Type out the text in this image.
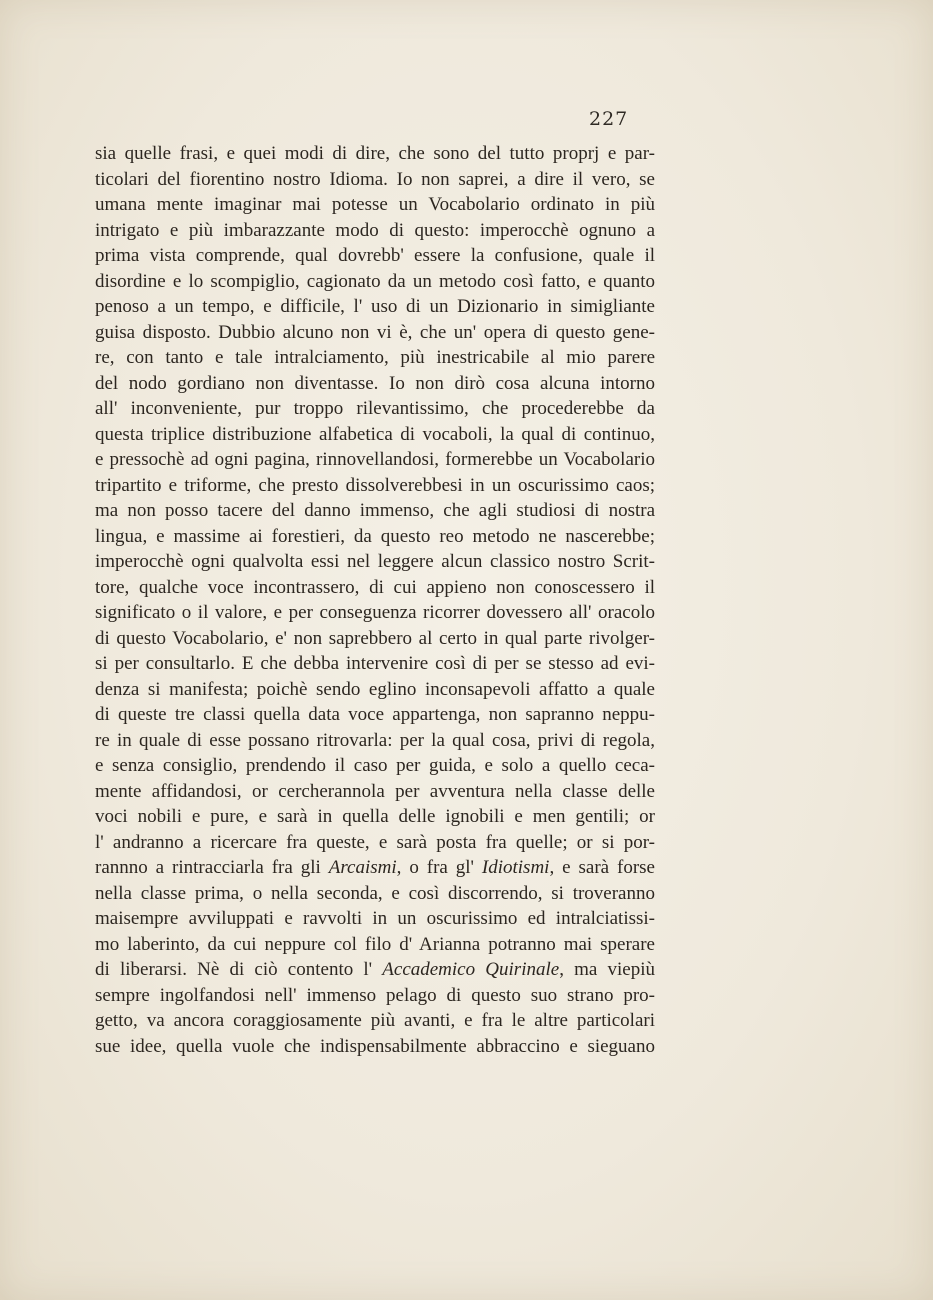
227
sia quelle frasi, e quei modi di dire, che sono del tutto proprj e par-
ticolari del fiorentino nostro Idioma. Io non saprei, a dire il vero, se
umana mente imaginar mai potesse un Vocabolario ordinato in più
intrigato e più imbarazzante modo di questo: imperocchè ognuno a
prima vista comprende, qual dovrebb' essere la confusione, quale il
disordine e lo scompiglio, cagionato da un metodo così fatto, e quanto
penoso a un tempo, e difficile, l' uso di un Dizionario in simigliante
guisa disposto. Dubbio alcuno non vi è, che un' opera di questo gene-
re, con tanto e tale intralciamento, più inestricabile al mio parere
del nodo gordiano non diventasse. Io non dirò cosa alcuna intorno
all' inconveniente, pur troppo rilevantissimo, che procederebbe da
questa triplice distribuzione alfabetica di vocaboli, la qual di continuo,
e pressochè ad ogni pagina, rinnovellandosi, formerebbe un Vocabolario
tripartito e triforme, che presto dissolverebbesi in un oscurissimo caos;
ma non posso tacere del danno immenso, che agli studiosi di nostra
lingua, e massime ai forestieri, da questo reo metodo ne nascerebbe;
imperocchè ogni qualvolta essi nel leggere alcun classico nostro Scrit-
tore, qualche voce incontrassero, di cui appieno non conoscessero il
significato o il valore, e per conseguenza ricorrer dovessero all' oracolo
di questo Vocabolario, e' non saprebbero al certo in qual parte rivolger-
si per consultarlo. E che debba intervenire così di per se stesso ad evi-
denza si manifesta; poichè sendo eglino inconsapevoli affatto a quale
di queste tre classi quella data voce appartenga, non sapranno neppu-
re in quale di esse possano ritrovarla: per la qual cosa, privi di regola,
e senza consiglio, prendendo il caso per guida, e solo a quello ceca-
mente affidandosi, or cercherannola per avventura nella classe delle
voci nobili e pure, e sarà in quella delle ignobili e men gentili; or
l' andranno a ricercare fra queste, e sarà posta fra quelle; or si por-
rannno a rintracciarla fra gli Arcaismi, o fra gl' Idiotismi, e sarà forse
nella classe prima, o nella seconda, e così discorrendo, si troveranno
maisempre avviluppati e ravvolti in un oscurissimo ed intralciatissi-
mo laberinto, da cui neppure col filo d' Arianna potranno mai sperare
di liberarsi. Nè di ciò contento l' Accademico Quirinale, ma viepiù
sempre ingolfandosi nell' immenso pelago di questo suo strano pro-
getto, va ancora coraggiosamente più avanti, e fra le altre particolari
sue idee, quella vuole che indispensabilmente abbraccino e sieguano
